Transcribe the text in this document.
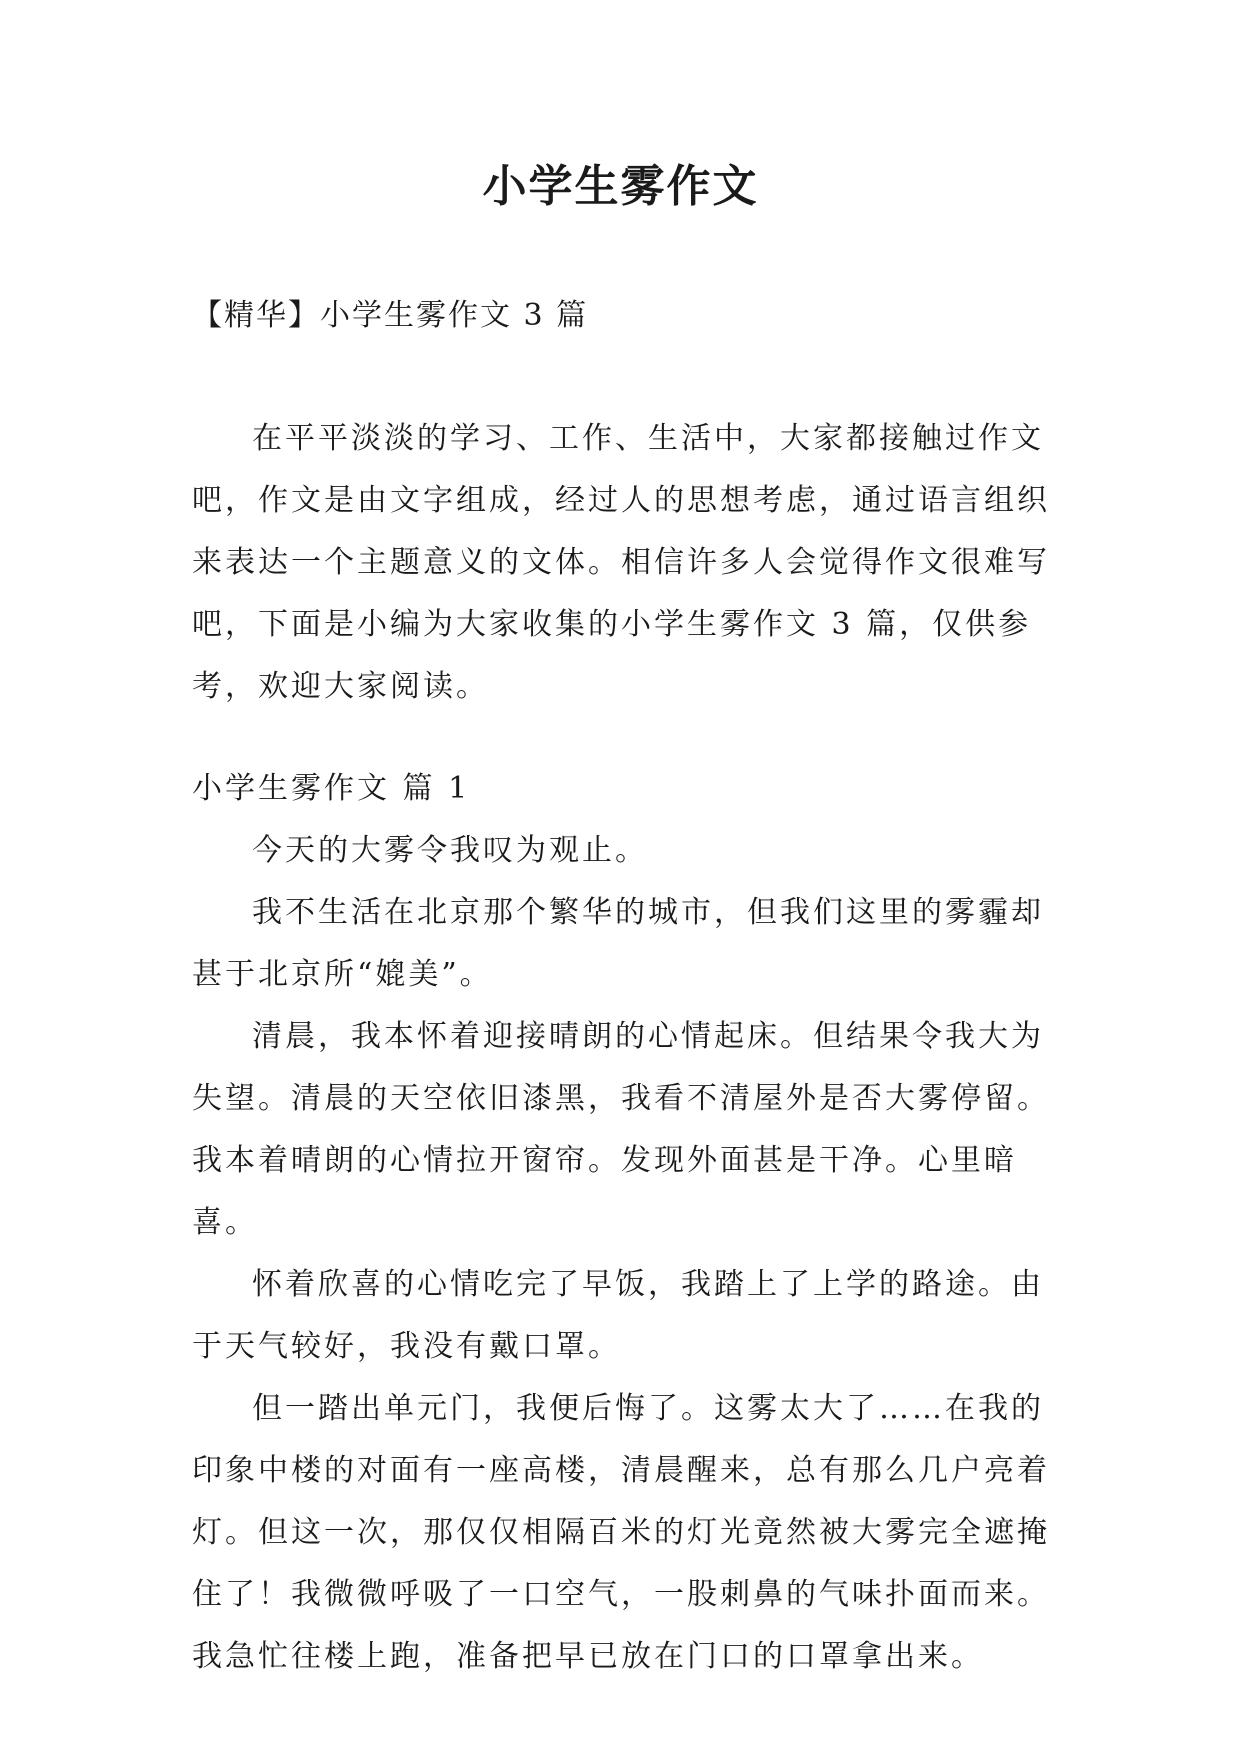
小学生雾作文
【精华】小学生雾作文 3 篇

在平平淡淡的学习、工作、生活中，大家都接触过作文吧，作文是由文字组成，经过人的思想考虑，通过语言组织来表达一个主题意义的文体。相信许多人会觉得作文很难写吧，下面是小编为大家收集的小学生雾作文 3 篇，仅供参考，欢迎大家阅读。

小学生雾作文 篇 1

今天的大雾令我叹为观止。

我不生活在北京那个繁华的城市，但我们这里的雾霾却甚于北京所“媲美”。

清晨，我本怀着迎接晴朗的心情起床。但结果令我大为失望。清晨的天空依旧漆黑，我看不清屋外是否大雾停留。我本着晴朗的心情拉开窗帘。发现外面甚是干净。心里暗喜。

怀着欣喜的心情吃完了早饭，我踏上了上学的路途。由于天气较好，我没有戴口罩。

但一踏出单元门，我便后悔了。这雾太大了……在我的印象中楼的对面有一座高楼，清晨醒来，总有那么几户亮着灯。但这一次，那仅仅相隔百米的灯光竟然被大雾完全遮掩住了！我微微呼吸了一口空气，一股刺鼻的气味扑面而来。我急忙往楼上跑，准备把早已放在门口的口罩拿出来。
